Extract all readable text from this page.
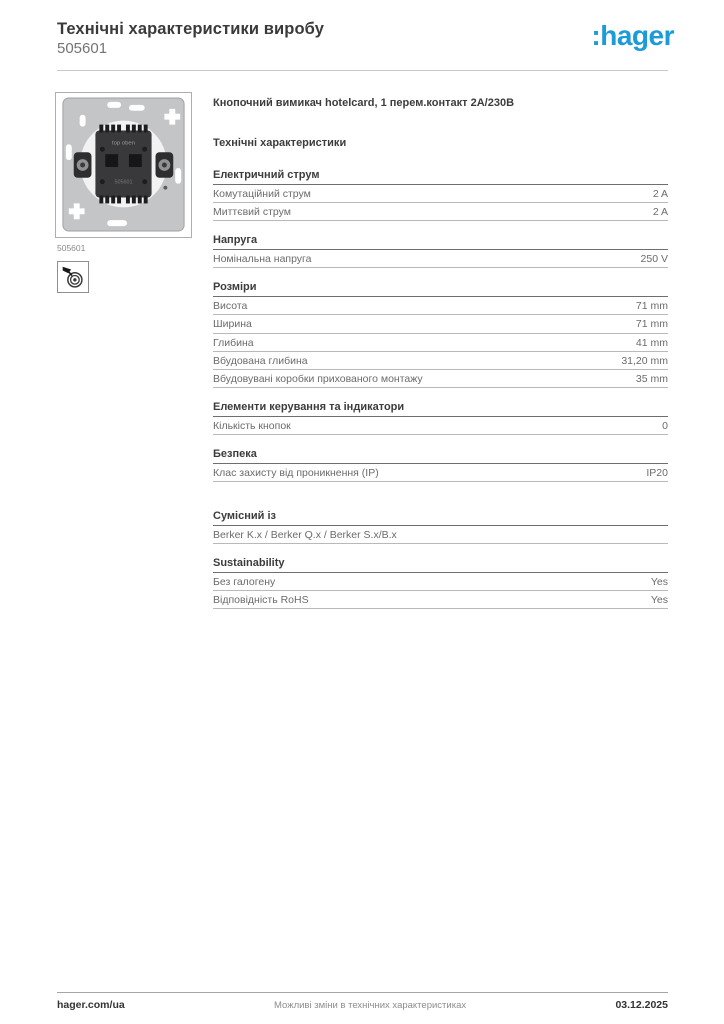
Технічні характеристики виробу
505601	:hager
top oben
505601
505601
Кнопочний вимикач hotelcard, 1 перем.контакт 2А/230В
Технічні характеристики
Електричний струм
Комутаційний струм	2 A
Миттєвий струм	2 A
Напруга
Номінальна напруга	250 V
Розміри
Висота	71 mm
Ширина	71 mm
Глибина	41 mm
Вбудована глибина	31,20 mm
Вбудовувані коробки прихованого монтажу	35 mm
Елементи керування та індикатори
Кількість кнопок	0
Безпека
Клас захисту від проникнення (IP)	IP20
Сумісний із
Berker K.x / Berker Q.x / Berker S.x/B.x
Sustainability
Без галогену	Yes
Відповідність RoHS	Yes
hager.com/ua	Можливі зміни в технічних характеристиках	03.12.2025
